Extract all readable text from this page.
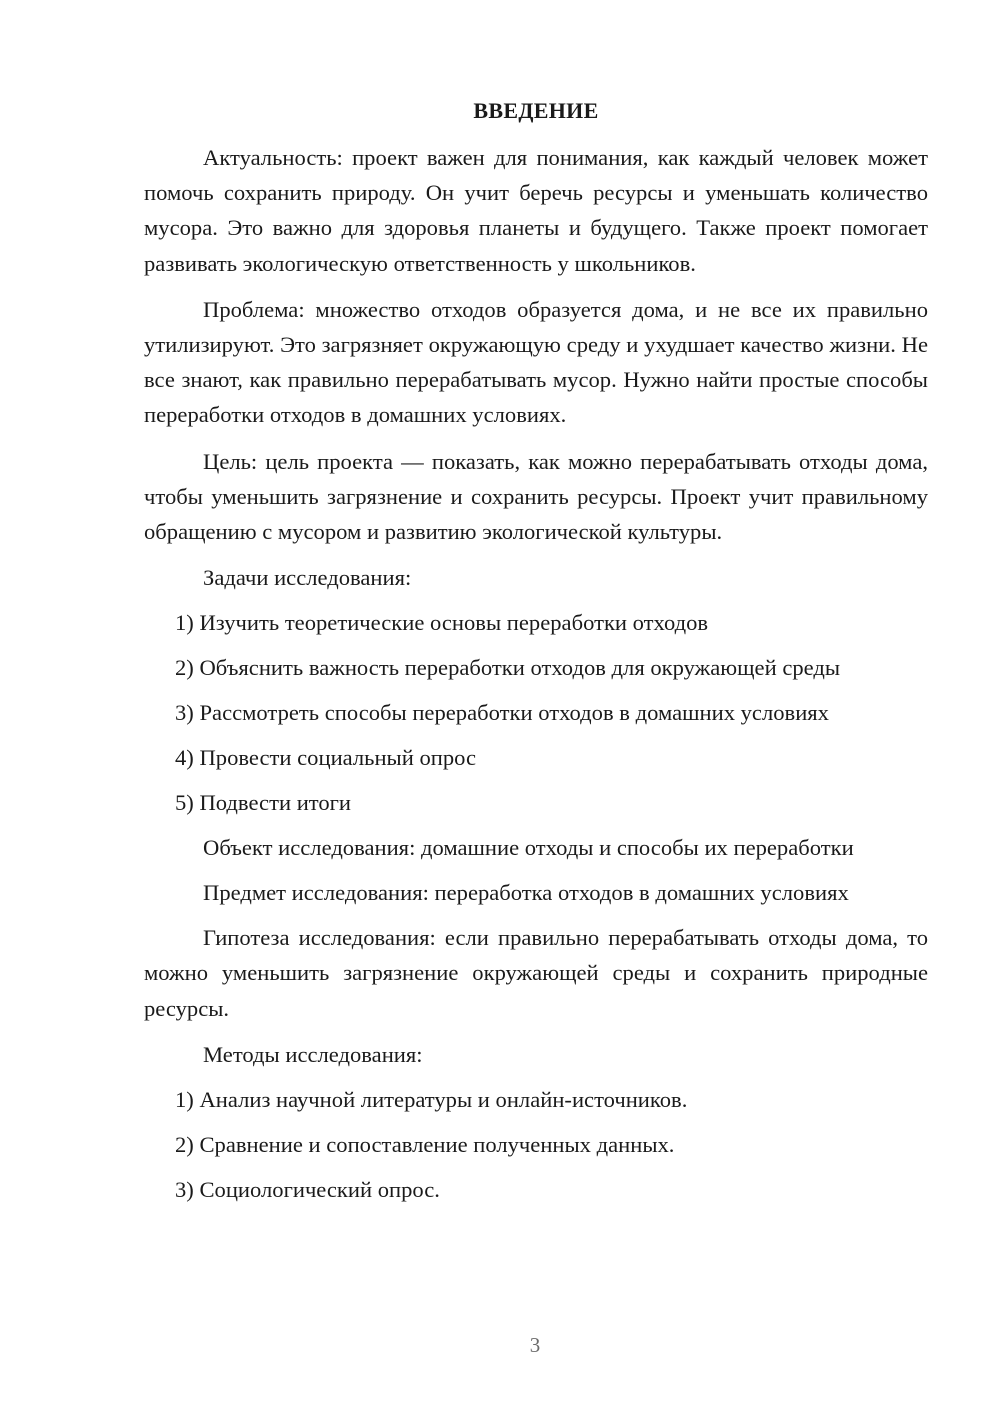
ВВЕДЕНИЕ

Актуальность: проект важен для понимания, как каждый человек может помочь сохранить природу. Он учит беречь ресурсы и уменьшать количество мусора. Это важно для здоровья планеты и будущего. Также проект помогает развивать экологическую ответственность у школьников.

Проблема: множество отходов образуется дома, и не все их правильно утилизируют. Это загрязняет окружающую среду и ухудшает качество жизни. Не все знают, как правильно перерабатывать мусор. Нужно найти простые способы переработки отходов в домашних условиях.

Цель: цель проекта — показать, как можно перерабатывать отходы дома, чтобы уменьшить загрязнение и сохранить ресурсы. Проект учит правильному обращению с мусором и развитию экологической культуры.

Задачи исследования:
1) Изучить теоретические основы переработки отходов
2) Объяснить важность переработки отходов для окружающей среды
3) Рассмотреть способы переработки отходов в домашних условиях
4) Провести социальный опрос
5) Подвести итоги
Объект исследования: домашние отходы и способы их переработки
Предмет исследования: переработка отходов в домашних условиях

Гипотеза исследования: если правильно перерабатывать отходы дома, то можно уменьшить загрязнение окружающей среды и сохранить природные ресурсы.

Методы исследования:
1) Анализ научной литературы и онлайн-источников.
2) Сравнение и сопоставление полученных данных.
3) Социологический опрос.
3
